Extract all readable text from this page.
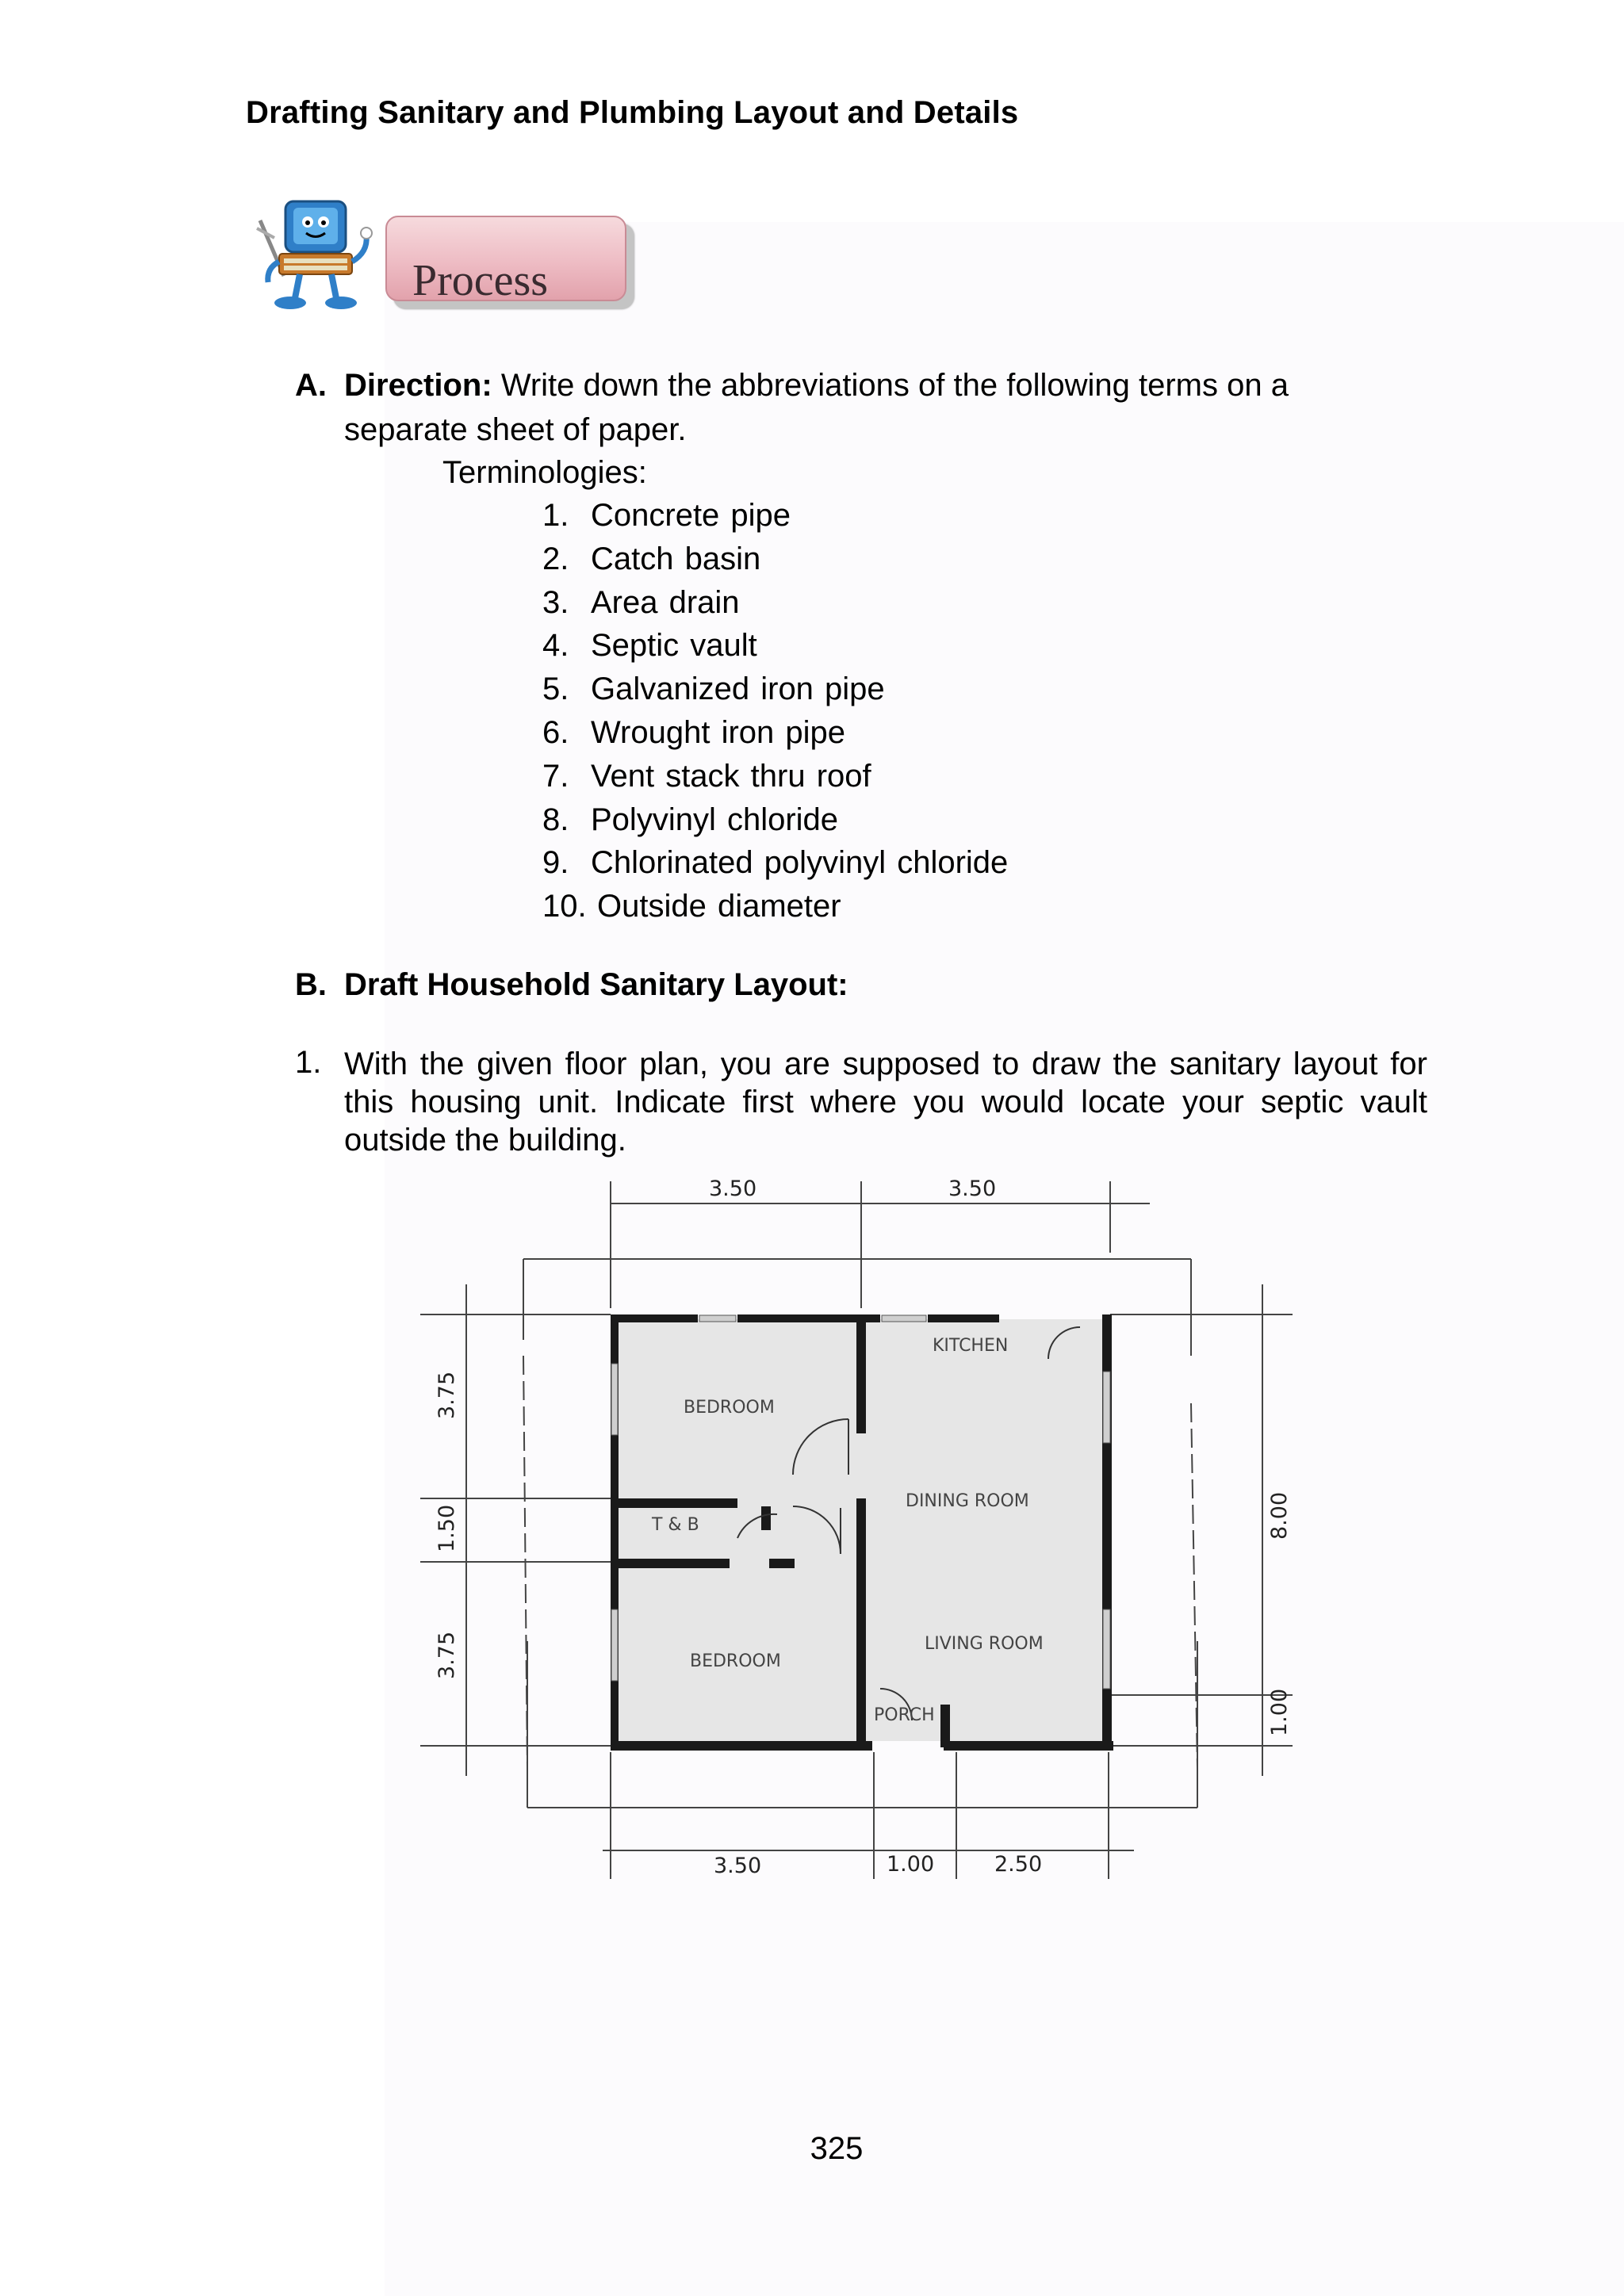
Drafting Sanitary and Plumbing Layout and Details
Process
A. Direction: Write down the abbreviations of the following terms on a
separate sheet of paper.
Terminologies:
1. Concrete pipe
2. Catch basin
3. Area drain
4. Septic vault
5. Galvanized iron pipe
6. Wrought iron pipe
7. Vent stack thru roof
8. Polyvinyl chloride
9. Chlorinated polyvinyl chloride
10. Outside diameter
B. Draft Household Sanitary Layout:
1. With the given floor plan, you are supposed to draw the sanitary layout for this housing unit. Indicate first where you would locate your septic vault outside the building.
3.50	3.50
3.50	1.00	2.50
3.75
1.50
3.75
8.00
1.00
BEDROOM
T & B
BEDROOM
KITCHEN
DINING ROOM
LIVING ROOM
PORCH
325
